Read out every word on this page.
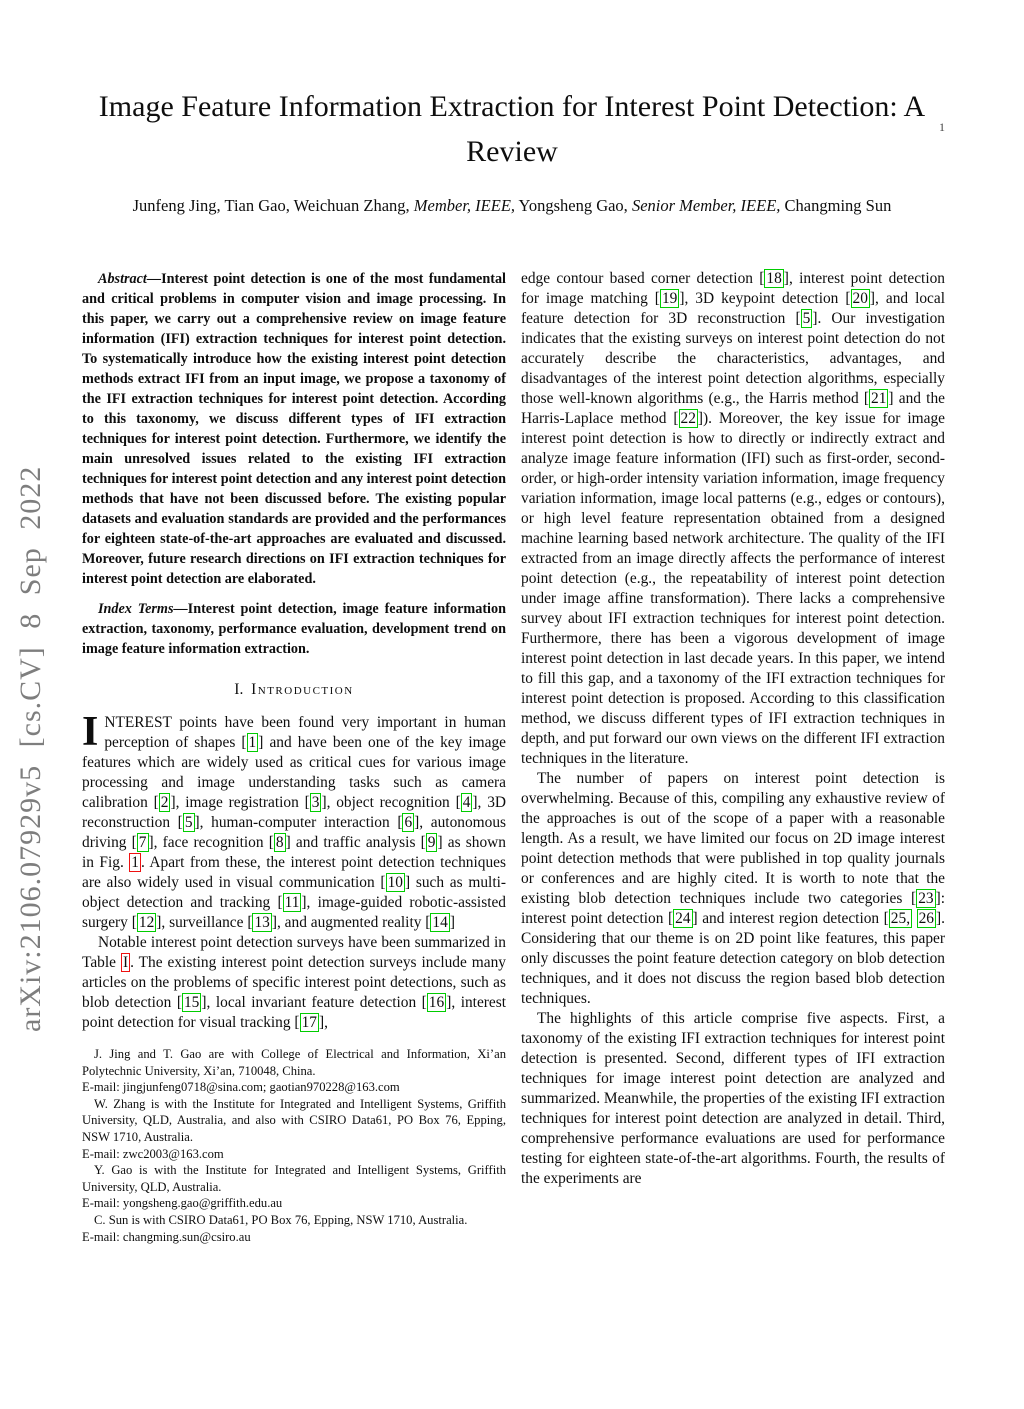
1
arXiv:2106.07929v5 [cs.CV] 8 Sep 2022
Image Feature Information Extraction for Interest Point Detection: A Review
Junfeng Jing, Tian Gao, Weichuan Zhang, Member, IEEE, Yongsheng Gao, Senior Member, IEEE, Changming Sun
Abstract—Interest point detection is one of the most fundamental and critical problems in computer vision and image processing. In this paper, we carry out a comprehensive review on image feature information (IFI) extraction techniques for interest point detection. To systematically introduce how the existing interest point detection methods extract IFI from an input image, we propose a taxonomy of the IFI extraction techniques for interest point detection. According to this taxonomy, we discuss different types of IFI extraction techniques for interest point detection. Furthermore, we identify the main unresolved issues related to the existing IFI extraction techniques for interest point detection and any interest point detection methods that have not been discussed before. The existing popular datasets and evaluation standards are provided and the performances for eighteen state-of-the-art approaches are evaluated and discussed. Moreover, future research directions on IFI extraction techniques for interest point detection are elaborated.
Index Terms—Interest point detection, image feature information extraction, taxonomy, performance evaluation, development trend on image feature information extraction.
I. Introduction
INTEREST points have been found very important in human perception of shapes [ 1 ] and have been one of the key image features which are widely used as critical cues for various image processing and image understanding tasks such as camera calibration [ 2 ], image registration [ 3 ], object recognition [ 4 ], 3D reconstruction [ 5 ], human-computer interaction [ 6 ], autonomous driving [ 7 ], face recognition [ 8 ] and traffic analysis [ 9 ] as shown in Fig. 1 . Apart from these, the interest point detection techniques are also widely used in visual communication [ 10 ] such as multi-object detection and tracking [ 11 ], image-guided robotic-assisted surgery [ 12 ], surveillance [ 13 ], and augmented reality [ 14 ]
Notable interest point detection surveys have been summarized in Table I . The existing interest point detection surveys include many articles on the problems of specific interest point detections, such as blob detection [ 15 ], local invariant feature detection [ 16 ], interest point detection for visual tracking [ 17 ],
J. Jing and T. Gao are with College of Electrical and Information, Xi’an Polytechnic University, Xi’an, 710048, China.
E-mail: jingjunfeng0718@sina.com; gaotian970228@163.com
W. Zhang is with the Institute for Integrated and Intelligent Systems, Griffith University, QLD, Australia, and also with CSIRO Data61, PO Box 76, Epping, NSW 1710, Australia.
E-mail: zwc2003@163.com
Y. Gao is with the Institute for Integrated and Intelligent Systems, Griffith University, QLD, Australia.
E-mail: yongsheng.gao@griffith.edu.au
C. Sun is with CSIRO Data61, PO Box 76, Epping, NSW 1710, Australia.
E-mail: changming.sun@csiro.au
edge contour based corner detection [ 18 ], interest point detection for image matching [ 19 ], 3D keypoint detection [ 20 ], and local feature detection for 3D reconstruction [ 5 ]. Our investigation indicates that the existing surveys on interest point detection do not accurately describe the characteristics, advantages, and disadvantages of the interest point detection algorithms, especially those well-known algorithms (e.g., the Harris method [ 21 ] and the Harris-Laplace method [ 22 ]). Moreover, the key issue for image interest point detection is how to directly or indirectly extract and analyze image feature information (IFI) such as first-order, second-order, or high-order intensity variation information, image frequency variation information, image local patterns (e.g., edges or contours), or high level feature representation obtained from a designed machine learning based network architecture. The quality of the IFI extracted from an image directly affects the performance of interest point detection (e.g., the repeatability of interest point detection under image affine transformation). There lacks a comprehensive survey about IFI extraction techniques for interest point detection. Furthermore, there has been a vigorous development of image interest point detection in last decade years. In this paper, we intend to fill this gap, and a taxonomy of the IFI extraction techniques for interest point detection is proposed. According to this classification method, we discuss different types of IFI extraction techniques in depth, and put forward our own views on the different IFI extraction techniques in the literature.
The number of papers on interest point detection is overwhelming. Because of this, compiling any exhaustive review of the approaches is out of the scope of a paper with a reasonable length. As a result, we have limited our focus on 2D image interest point detection methods that were published in top quality journals or conferences and are highly cited. It is worth to note that the existing blob detection techniques include two categories [ 23 ]: interest point detection [ 24 ] and interest region detection [ 25, 26 ]. Considering that our theme is on 2D point like features, this paper only discusses the point feature detection category on blob detection techniques, and it does not discuss the region based blob detection techniques.
The highlights of this article comprise five aspects. First, a taxonomy of the existing IFI extraction techniques for interest point detection is presented. Second, different types of IFI extraction techniques for image interest point detection are analyzed and summarized. Meanwhile, the properties of the existing IFI extraction techniques for interest point detection are analyzed in detail. Third, comprehensive performance evaluations are used for performance testing for eighteen state-of-the-art algorithms. Fourth, the results of the experiments are
